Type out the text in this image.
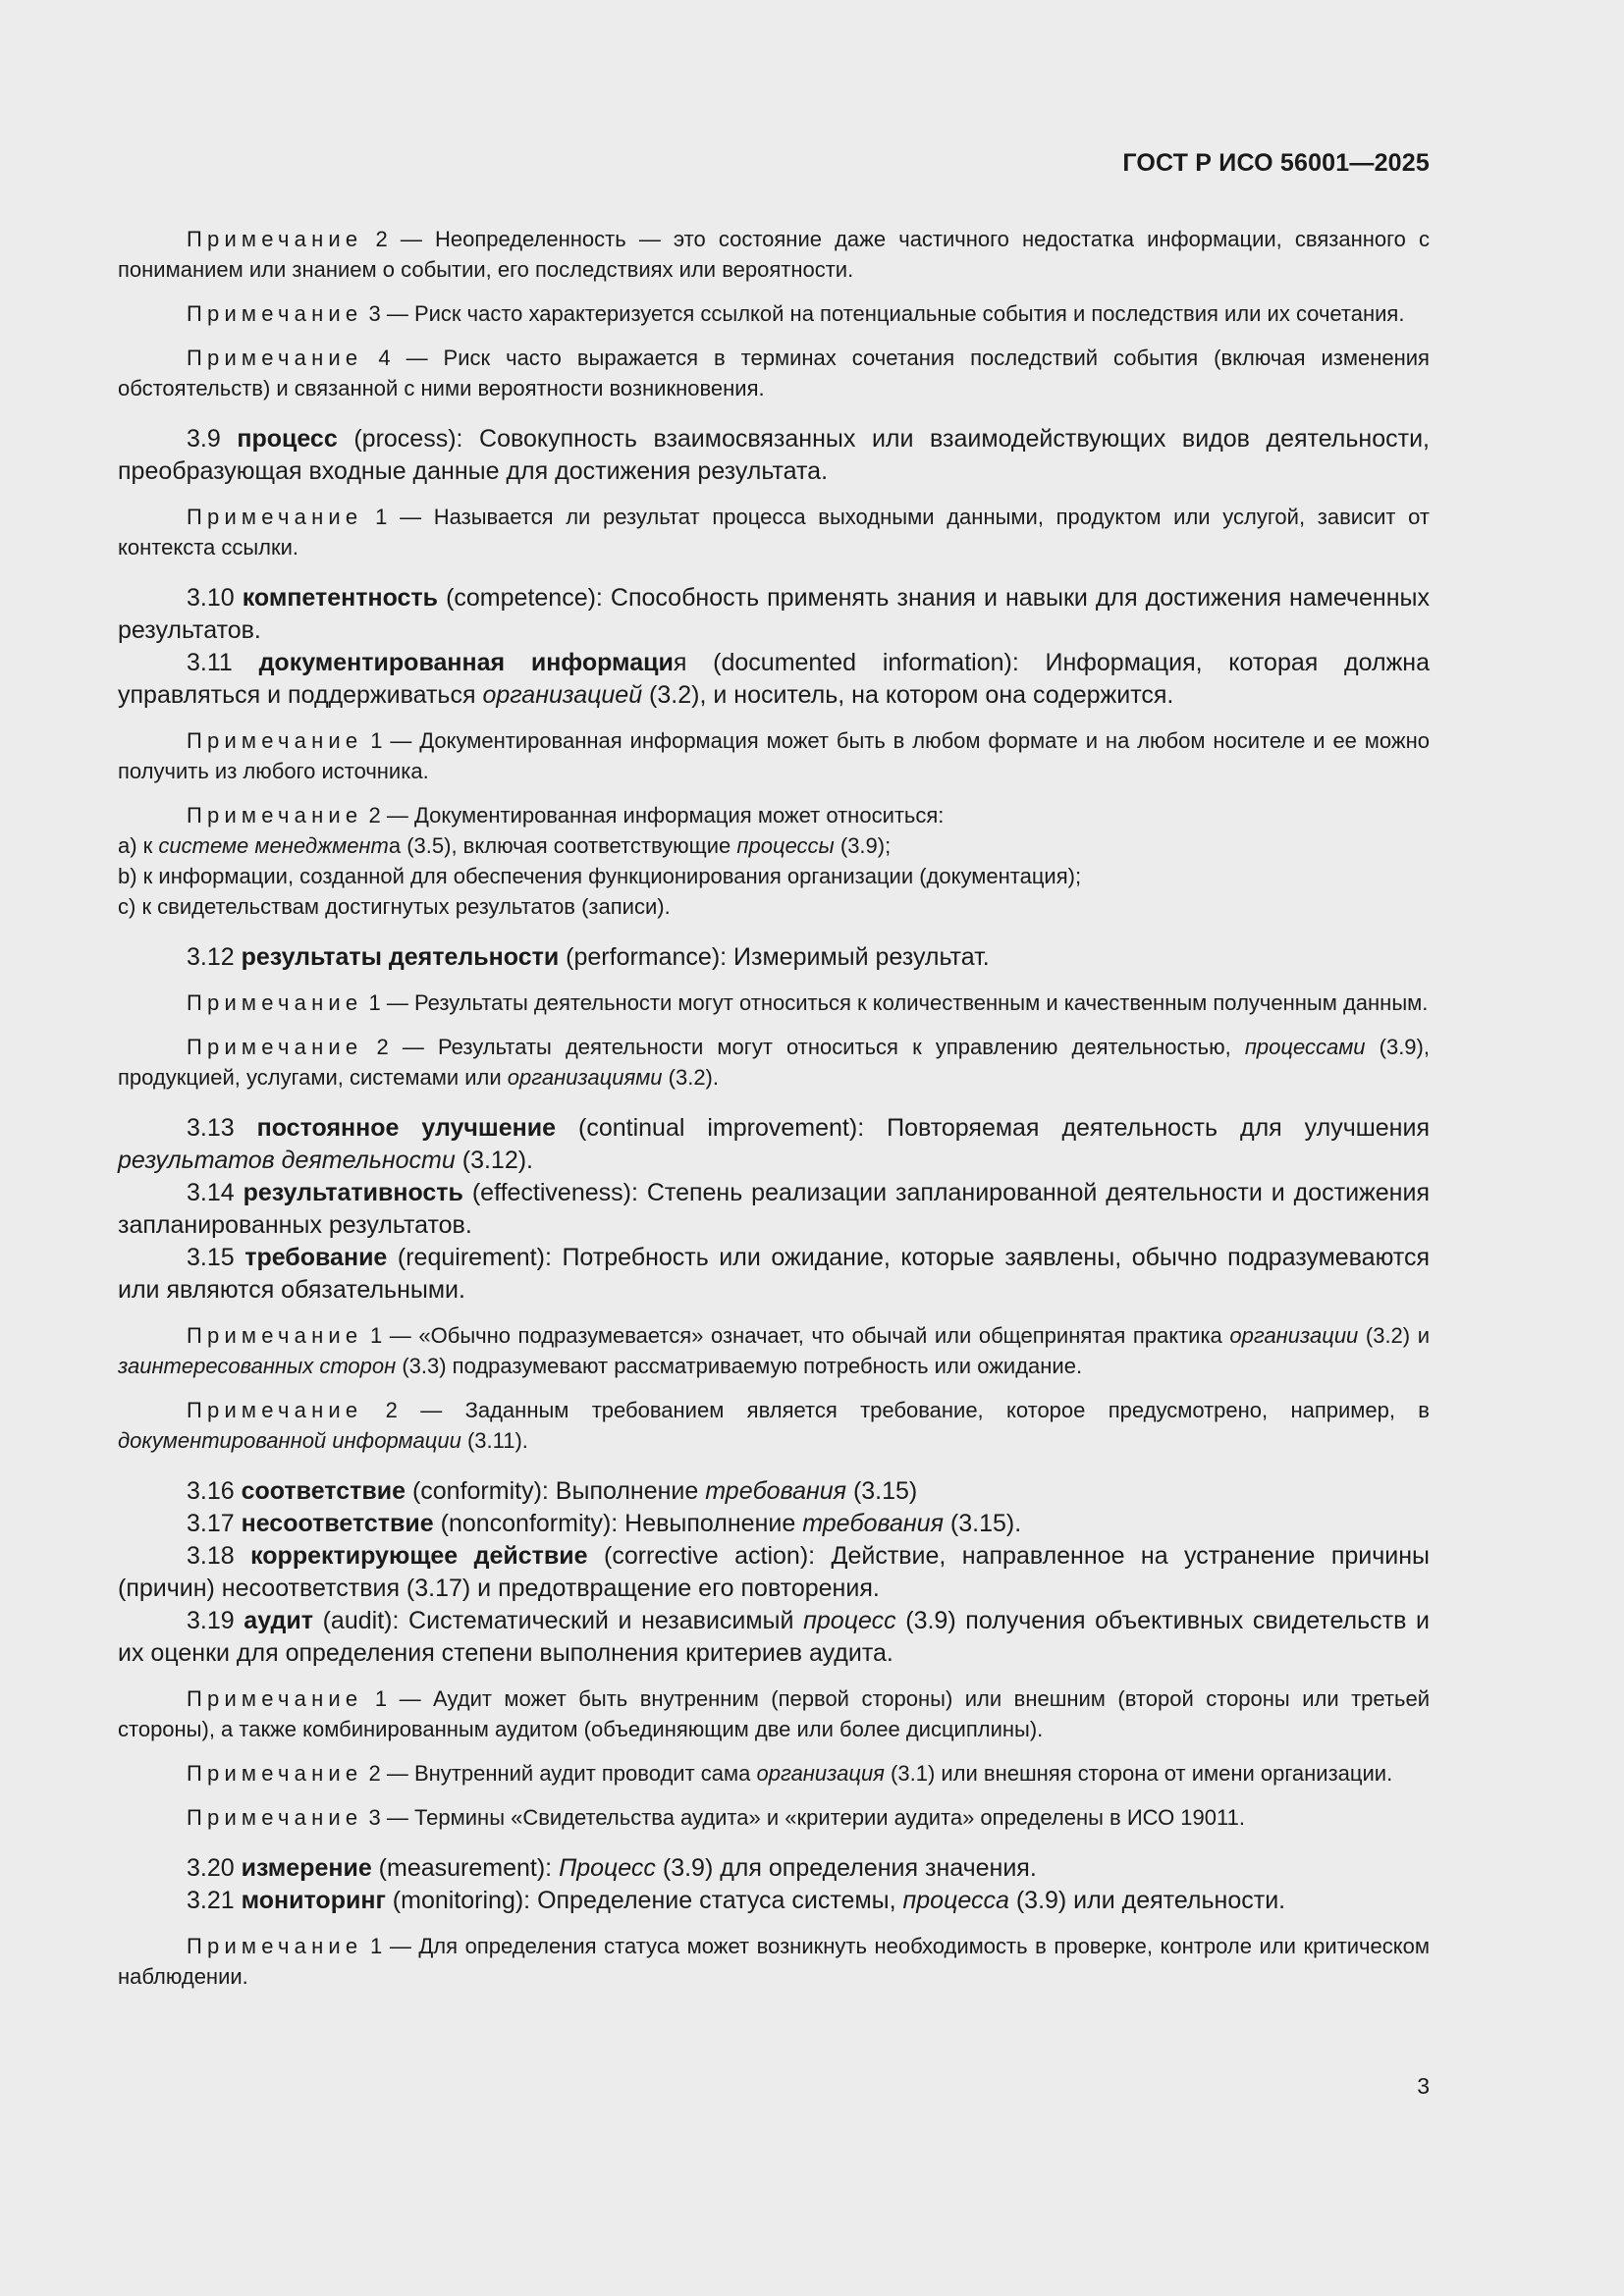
ГОСТ Р ИСО 56001—2025

Примечание 2 — Неопределенность — это состояние даже частичного недостатка информации, связанного с пониманием или знанием о событии, его последствиях или вероятности.

Примечание 3 — Риск часто характеризуется ссылкой на потенциальные события и последствия или их сочетания.

Примечание 4 — Риск часто выражается в терминах сочетания последствий события (включая изменения обстоятельств) и связанной с ними вероятности возникновения.

3.9 процесс (process): Совокупность взаимосвязанных или взаимодействующих видов деятельности, преобразующая входные данные для достижения результата.

Примечание 1 — Называется ли результат процесса выходными данными, продуктом или услугой, зависит от контекста ссылки.

3.10 компетентность (competence): Способность применять знания и навыки для достижения намеченных результатов.

3.11 документированная информация (documented information): Информация, которая должна управляться и поддерживаться организацией (3.2), и носитель, на котором она содержится.

Примечание 1 — Документированная информация может быть в любом формате и на любом носителе и ее можно получить из любого источника.

Примечание 2 — Документированная информация может относиться:

a) к системе менеджмента (3.5), включая соответствующие процессы (3.9);
b) к информации, созданной для обеспечения функционирования организации (документация);
c) к свидетельствам достигнутых результатов (записи).

3.12 результаты деятельности (performance): Измеримый результат.

Примечание 1 — Результаты деятельности могут относиться к количественным и качественным полученным данным.

Примечание 2 — Результаты деятельности могут относиться к управлению деятельностью, процессами (3.9), продукцией, услугами, системами или организациями (3.2).

3.13 постоянное улучшение (continual improvement): Повторяемая деятельность для улучшения результатов деятельности (3.12).

3.14 результативность (effectiveness): Степень реализации запланированной деятельности и достижения запланированных результатов.

3.15 требование (requirement): Потребность или ожидание, которые заявлены, обычно подразумеваются или являются обязательными.

Примечание 1 — «Обычно подразумевается» означает, что обычай или общепринятая практика организации (3.2) и заинтересованных сторон (3.3) подразумевают рассматриваемую потребность или ожидание.

Примечание 2 — Заданным требованием является требование, которое предусмотрено, например, в документированной информации (3.11).

3.16 соответствие (conformity): Выполнение требования (3.15)

3.17 несоответствие (nonconformity): Невыполнение требования (3.15).

3.18 корректирующее действие (corrective action): Действие, направленное на устранение причины (причин) несоответствия (3.17) и предотвращение его повторения.

3.19 аудит (audit): Систематический и независимый процесс (3.9) получения объективных свидетельств и их оценки для определения степени выполнения критериев аудита.

Примечание 1 — Аудит может быть внутренним (первой стороны) или внешним (второй стороны или третьей стороны), а также комбинированным аудитом (объединяющим две или более дисциплины).

Примечание 2 — Внутренний аудит проводит сама организация (3.1) или внешняя сторона от имени организации.

Примечание 3 — Термины «Свидетельства аудита» и «критерии аудита» определены в ИСО 19011.

3.20 измерение (measurement): Процесс (3.9) для определения значения.

3.21 мониторинг (monitoring): Определение статуса системы, процесса (3.9) или деятельности.

Примечание 1 — Для определения статуса может возникнуть необходимость в проверке, контроле или критическом наблюдении.

3
